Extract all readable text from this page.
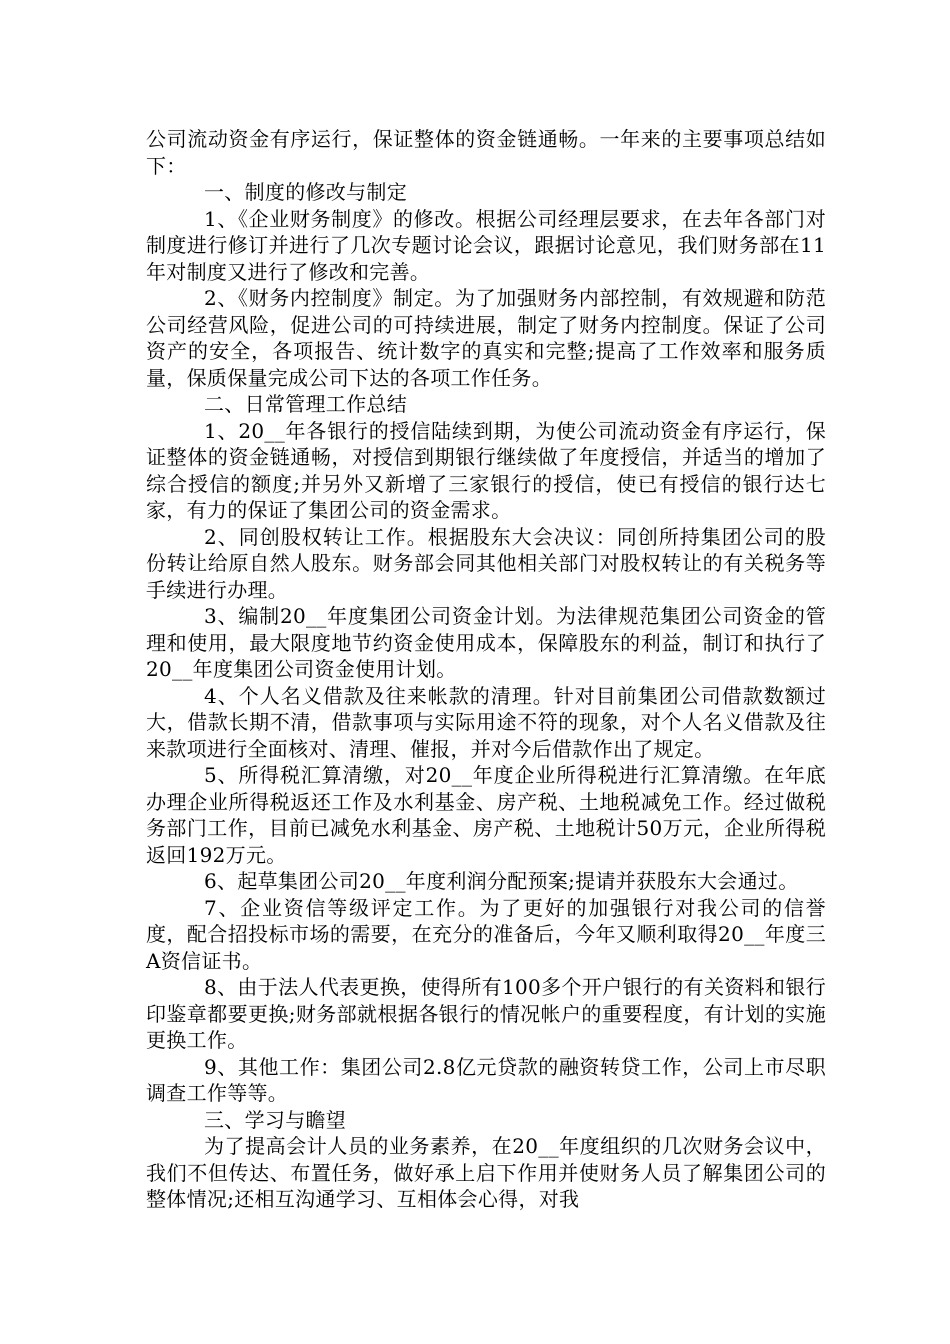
公司流动资金有序运行，保证整体的资金链通畅。一年来的主要事项总结如下：

一、制度的修改与制定

1、《企业财务制度》的修改。根据公司经理层要求，在去年各部门对制度进行修订并进行了几次专题讨论会议，跟据讨论意见，我们财务部在11年对制度又进行了修改和完善。

2、《财务内控制度》制定。为了加强财务内部控制，有效规避和防范公司经营风险，促进公司的可持续进展，制定了财务内控制度。保证了公司资产的安全，各项报告、统计数字的真实和完整;提高了工作效率和服务质量，保质保量完成公司下达的各项工作任务。

二、日常管理工作总结

1、20__年各银行的授信陆续到期，为使公司流动资金有序运行，保证整体的资金链通畅，对授信到期银行继续做了年度授信，并适当的增加了综合授信的额度;并另外又新增了三家银行的授信，使已有授信的银行达七家，有力的保证了集团公司的资金需求。

2、同创股权转让工作。根据股东大会决议：同创所持集团公司的股份转让给原自然人股东。财务部会同其他相关部门对股权转让的有关税务等手续进行办理。

3、编制20__年度集团公司资金计划。为法律规范集团公司资金的管理和使用，最大限度地节约资金使用成本，保障股东的利益，制订和执行了20__年度集团公司资金使用计划。

4、个人名义借款及往来帐款的清理。针对目前集团公司借款数额过大，借款长期不清，借款事项与实际用途不符的现象，对个人名义借款及往来款项进行全面核对、清理、催报，并对今后借款作出了规定。

5、所得税汇算清缴，对20__年度企业所得税进行汇算清缴。在年底办理企业所得税返还工作及水利基金、房产税、土地税减免工作。经过做税务部门工作，目前已减免水利基金、房产税、土地税计50万元，企业所得税返回192万元。

6、起草集团公司20__年度利润分配预案;提请并获股东大会通过。

7、企业资信等级评定工作。为了更好的加强银行对我公司的信誉度，配合招投标市场的需要，在充分的准备后，今年又顺利取得20__年度三A资信证书。

8、由于法人代表更换，使得所有100多个开户银行的有关资料和银行印鉴章都要更换;财务部就根据各银行的情况帐户的重要程度，有计划的实施更换工作。

9、其他工作：集团公司2.8亿元贷款的融资转贷工作，公司上市尽职调查工作等等。

三、学习与瞻望

为了提高会计人员的业务素养，在20__年度组织的几次财务会议中，我们不但传达、布置任务，做好承上启下作用并使财务人员了解集团公司的整体情况;还相互沟通学习、互相体会心得，对我
